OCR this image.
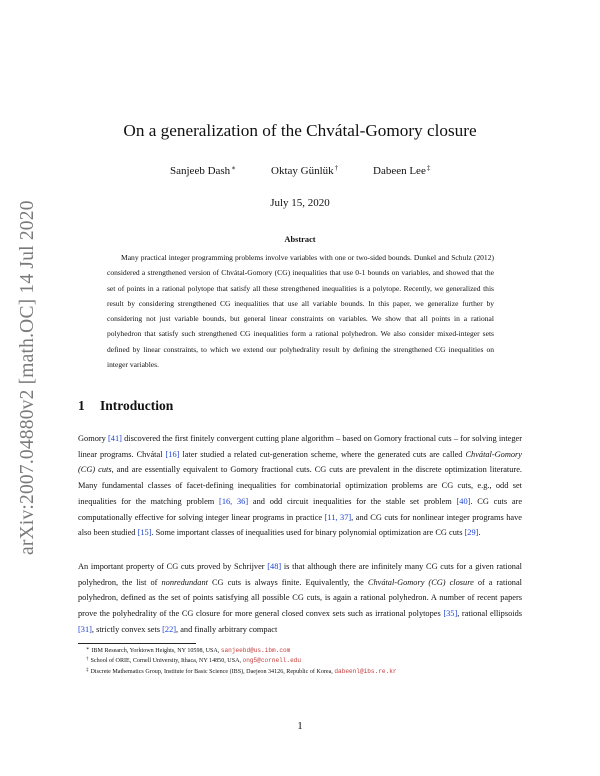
arXiv:2007.04880v2 [math.OC] 14 Jul 2020
On a generalization of the Chvátal-Gomory closure
Sanjeeb Dash∗	Oktay Günlük†	Dabeen Lee‡
July 15, 2020
Abstract

Many practical integer programming problems involve variables with one or two-sided bounds. Dunkel and Schulz (2012) considered a strengthened version of Chvátal-Gomory (CG) inequalities that use 0-1 bounds on variables, and showed that the set of points in a rational polytope that satisfy all these strengthened inequalities is a polytope. Recently, we generalized this result by considering strengthened CG inequalities that use all variable bounds. In this paper, we generalize further by considering not just variable bounds, but general linear constraints on variables. We show that all points in a rational polyhedron that satisfy such strengthened CG inequalities form a rational polyhedron. We also consider mixed-integer sets defined by linear constraints, to which we extend our polyhedrality result by defining the strengthened CG inequalities on integer variables.

1 Introduction

Gomory [41] discovered the first finitely convergent cutting plane algorithm – based on Gomory fractional cuts – for solving integer linear programs. Chvátal [16] later studied a related cut-generation scheme, where the generated cuts are called Chvátal-Gomory (CG) cuts, and are essentially equivalent to Gomory fractional cuts. CG cuts are prevalent in the discrete optimization literature. Many fundamental classes of facet-defining inequalities for combinatorial optimization problems are CG cuts, e.g., odd set inequalities for the matching problem [16, 36] and odd circuit inequalities for the stable set problem [40]. CG cuts are computationally effective for solving integer linear programs in practice [11, 37], and CG cuts for nonlinear integer programs have also been studied [15]. Some important classes of inequalities used for binary polynomial optimization are CG cuts [29].

An important property of CG cuts proved by Schrijver [48] is that although there are infinitely many CG cuts for a given rational polyhedron, the list of nonredundant CG cuts is always finite. Equivalently, the Chvátal-Gomory (CG) closure of a rational polyhedron, defined as the set of points satisfying all possible CG cuts, is again a rational polyhedron. A number of recent papers prove the polyhedrality of the CG closure for more general closed convex sets such as irrational polytopes [35], rational ellipsoids [31], strictly convex sets [22], and finally arbitrary compact

∗ IBM Research, Yorktown Heights, NY 10598, USA, sanjeebd@us.ibm.com
† School of ORIE, Cornell University, Ithaca, NY 14850, USA, ong5@cornell.edu
‡ Discrete Mathematics Group, Institute for Basic Science (IBS), Daejeon 34126, Republic of Korea, dabeenl@ibs.re.kr
1
